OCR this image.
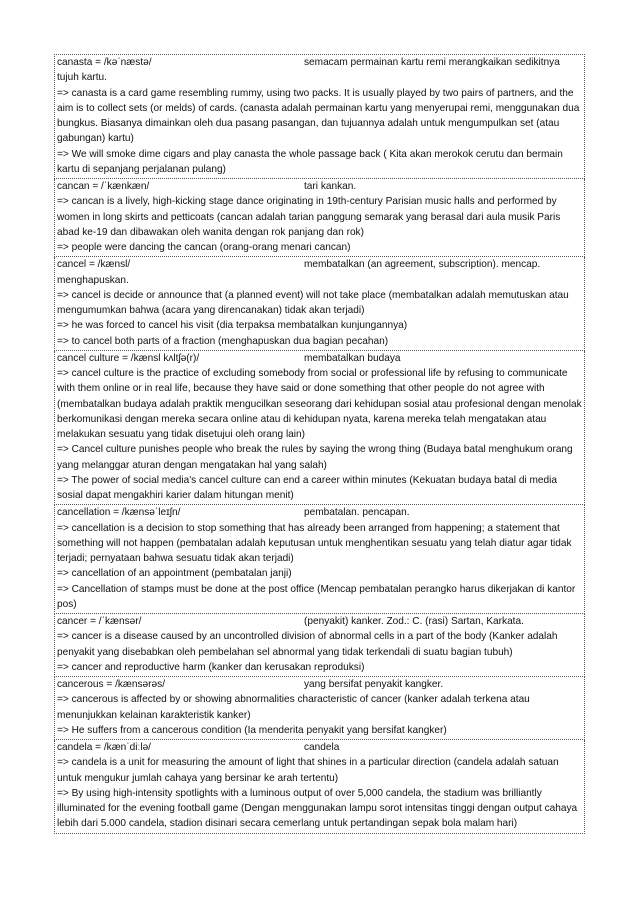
canasta = /kəˈnæstə/	semacam permainan kartu remi merangkaikan sedikitnya
tujuh kartu.
=> canasta is a card game resembling rummy, using two packs. It is usually played by two pairs of partners, and the aim is to collect sets (or melds) of cards. (canasta adalah permainan kartu yang menyerupai remi, menggunakan dua bungkus. Biasanya dimainkan oleh dua pasang pasangan, dan tujuannya adalah untuk mengumpulkan set (atau gabungan) kartu)
=> We will smoke dime cigars and play canasta the whole passage back ( Kita akan merokok cerutu dan bermain kartu di sepanjang perjalanan pulang)
cancan = /ˈkænkæn/	tari kankan.
=> cancan is a lively, high-kicking stage dance originating in 19th-century Parisian music halls and performed by women in long skirts and petticoats (cancan adalah tarian panggung semarak yang berasal dari aula musik Paris abad ke-19 dan dibawakan oleh wanita dengan rok panjang dan rok)
=> people were dancing the cancan (orang-orang menari cancan)
cancel = /kænsl/	membatalkan (an agreement, subscription). mencap.
menghapuskan.
=> cancel is decide or announce that (a planned event) will not take place (membatalkan adalah memutuskan atau mengumumkan bahwa (acara yang direncanakan) tidak akan terjadi)
=> he was forced to cancel his visit (dia terpaksa membatalkan kunjungannya)
=> to cancel both parts of a fraction (menghapuskan dua bagian pecahan)
cancel culture = /kænsl kʌltʃə(r)/	membatalkan budaya
=> cancel culture is the practice of excluding somebody from social or professional life by refusing to communicate with them online or in real life, because they have said or done something that other people do not agree with (membatalkan budaya adalah praktik mengucilkan seseorang dari kehidupan sosial atau profesional dengan menolak berkomunikasi dengan mereka secara online atau di kehidupan nyata, karena mereka telah mengatakan atau melakukan sesuatu yang tidak disetujui oleh orang lain)
=> Cancel culture punishes people who break the rules by saying the wrong thing (Budaya batal menghukum orang yang melanggar aturan dengan mengatakan hal yang salah)
=> The power of social media's cancel culture can end a career within minutes (Kekuatan budaya batal di media sosial dapat mengakhiri karier dalam hitungan menit)
cancellation = /kænsəˈleɪʃn/	pembatalan. pencapan.
=> cancellation is a decision to stop something that has already been arranged from happening; a statement that something will not happen (pembatalan adalah keputusan untuk menghentikan sesuatu yang telah diatur agar tidak terjadi; pernyataan bahwa sesuatu tidak akan terjadi)
=> cancellation of an appointment (pembatalan janji)
=> Cancellation of stamps must be done at the post office (Mencap pembatalan perangko harus dikerjakan di kantor pos)
cancer = /ˈkænsər/	(penyakit) kanker. Zod.: C. (rasi) Sartan, Karkata.
=> cancer is a disease caused by an uncontrolled division of abnormal cells in a part of the body (Kanker adalah penyakit yang disebabkan oleh pembelahan sel abnormal yang tidak terkendali di suatu bagian tubuh)
=> cancer and reproductive harm (kanker dan kerusakan reproduksi)
cancerous = /kænsərəs/	yang bersifat penyakit kangker.
=> cancerous is affected by or showing abnormalities characteristic of cancer (kanker adalah terkena atau menunjukkan kelainan karakteristik kanker)
=> He suffers from a cancerous condition (Ia menderita penyakit yang bersifat kangker)
candela = /kænˈdiːlə/	candela
=> candela is a unit for measuring the amount of light that shines in a particular direction (candela adalah satuan untuk mengukur jumlah cahaya yang bersinar ke arah tertentu)
=> By using high-intensity spotlights with a luminous output of over 5,000 candela, the stadium was brilliantly illuminated for the evening football game (Dengan menggunakan lampu sorot intensitas tinggi dengan output cahaya lebih dari 5.000 candela, stadion disinari secara cemerlang untuk pertandingan sepak bola malam hari)
